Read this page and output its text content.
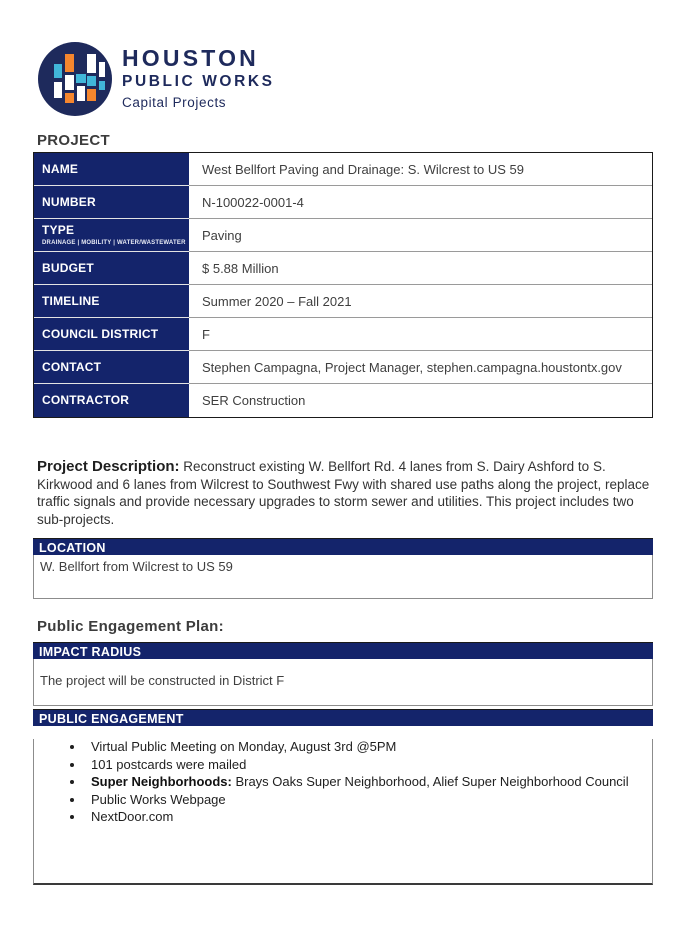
HOUSTON
PUBLIC WORKS
Capital Projects
PROJECT
NAME	West Bellfort Paving and Drainage: S. Wilcrest to US 59
NUMBER	N-100022-0001-4
TYPE
DRAINAGE | MOBILITY | WATER/WASTEWATER	Paving
BUDGET	$ 5.88 Million
TIMELINE	Summer 2020 – Fall 2021
COUNCIL DISTRICT	F
CONTACT	Stephen Campagna, Project Manager, stephen.campagna.houstontx.gov
CONTRACTOR	SER Construction

Project Description: Reconstruct existing W. Bellfort Rd. 4 lanes from S. Dairy Ashford to S. Kirkwood and 6 lanes from Wilcrest to Southwest Fwy with shared use paths along the project, replace traffic signals and provide necessary upgrades to storm sewer and utilities. This project includes two sub-projects.

LOCATION
W. Bellfort from Wilcrest to US 59
Public Engagement Plan:
IMPACT RADIUS
The project will be constructed in District F
PUBLIC ENGAGEMENT
• Virtual Public Meeting on Monday, August 3rd @5PM
• 101 postcards were mailed
• Super Neighborhoods: Brays Oaks Super Neighborhood, Alief Super Neighborhood Council
• Public Works Webpage
• NextDoor.com
